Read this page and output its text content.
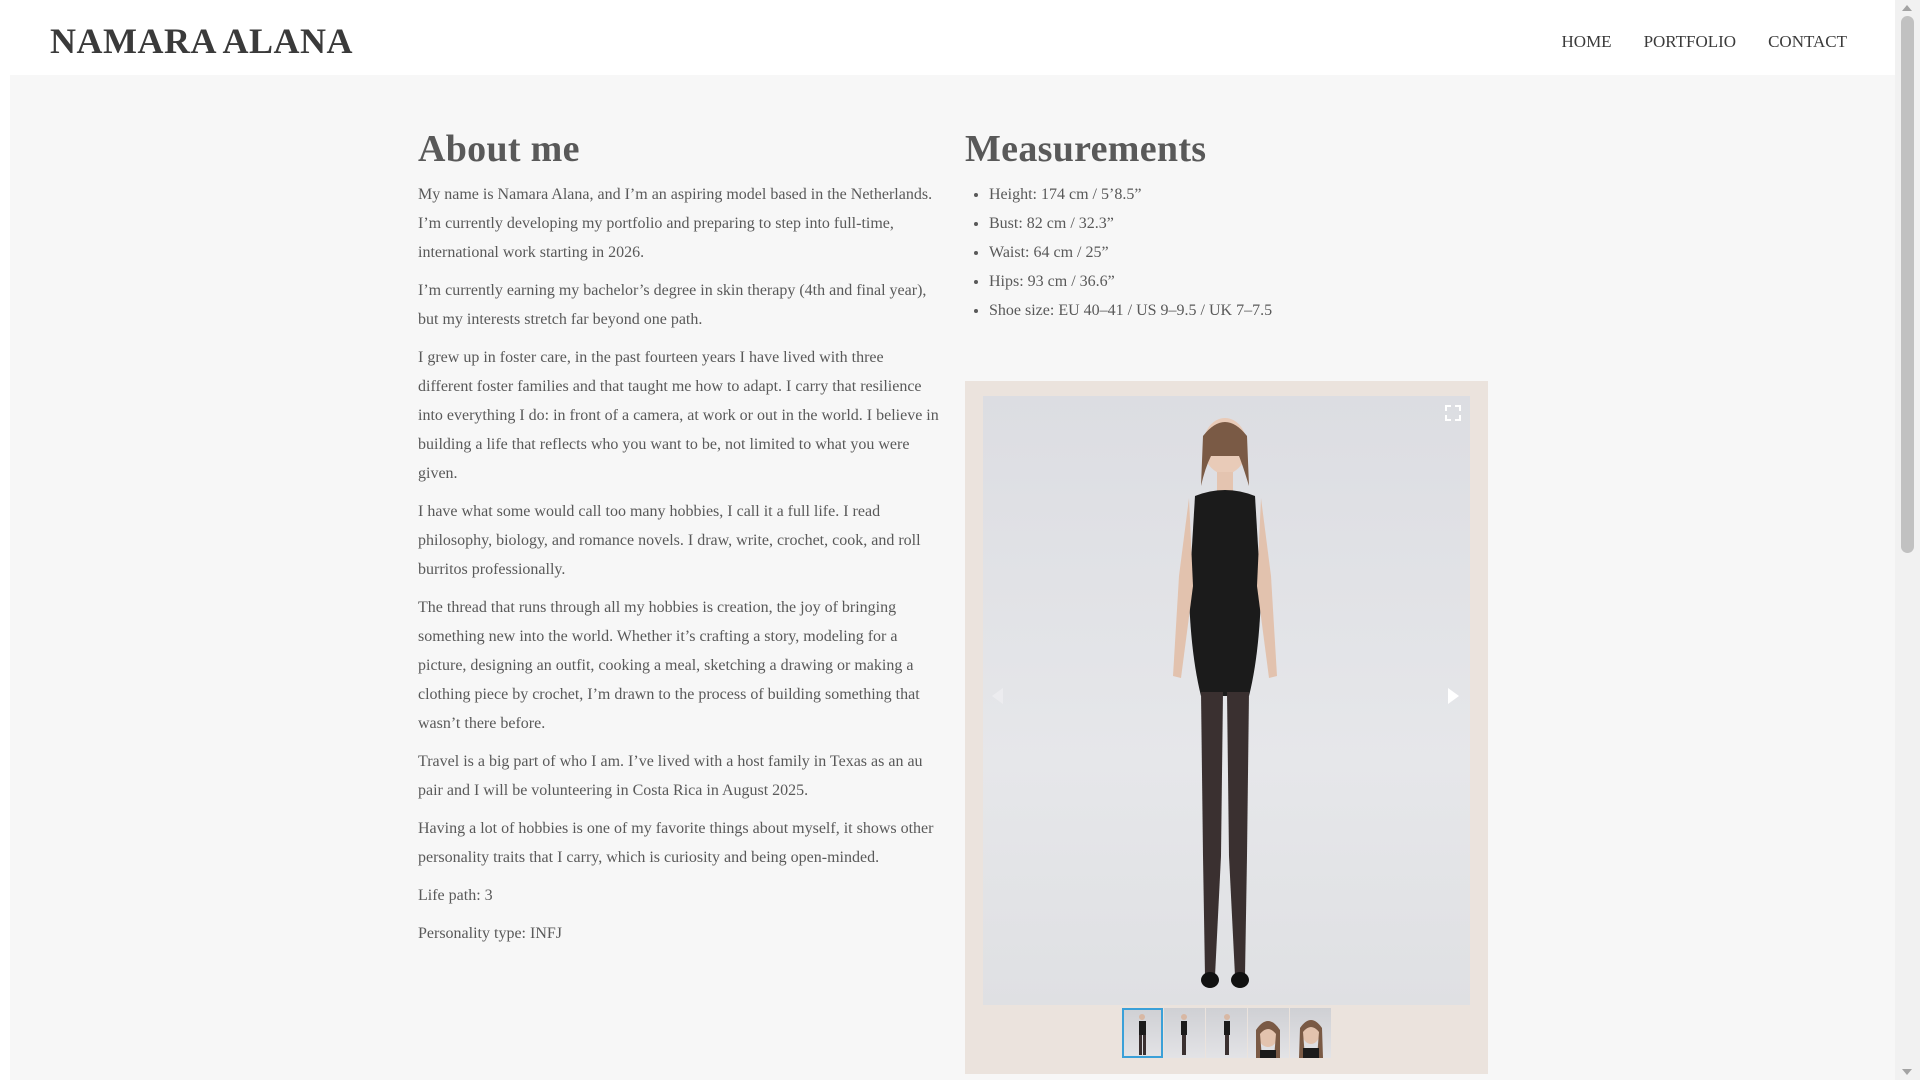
NAMARA ALANA	HOME PORTFOLIO CONTACT
About me

My name is Namara Alana, and I’m an aspiring model based in the Netherlands. I’m currently developing my portfolio and preparing to step into full-time, international work starting in 2026.

I’m currently earning my bachelor’s degree in skin therapy (4th and final year), but my interests stretch far beyond one path.

I grew up in foster care, in the past fourteen years I have lived with three different foster families and that taught me how to adapt. I carry that resilience into everything I do: in front of a camera, at work or out in the world. I believe in building a life that reflects who you want to be, not limited to what you were given.

I have what some would call too many hobbies, I call it a full life. I read philosophy, biology, and romance novels. I draw, write, crochet, cook, and roll burritos professionally.

The thread that runs through all my hobbies is creation, the joy of bringing something new into the world. Whether it’s crafting a story, modeling for a picture, designing an outfit, cooking a meal, sketching a drawing or making a clothing piece by crochet, I’m drawn to the process of building something that wasn’t there before.

Travel is a big part of who I am. I’ve lived with a host family in Texas as an au pair and I will be volunteering in Costa Rica in August 2025.

Having a lot of hobbies is one of my favorite things about myself, it shows other personality traits that I carry, which is curiosity and being open-minded.

Life path: 3

Personality type: INFJ

Measurements
• Height: 174 cm / 5’8.5”
• Bust: 82 cm / 32.3”
• Waist: 64 cm / 25”
• Hips: 93 cm / 36.6”
• Shoe size: EU 40–41 / US 9–9.5 / UK 7–7.5
